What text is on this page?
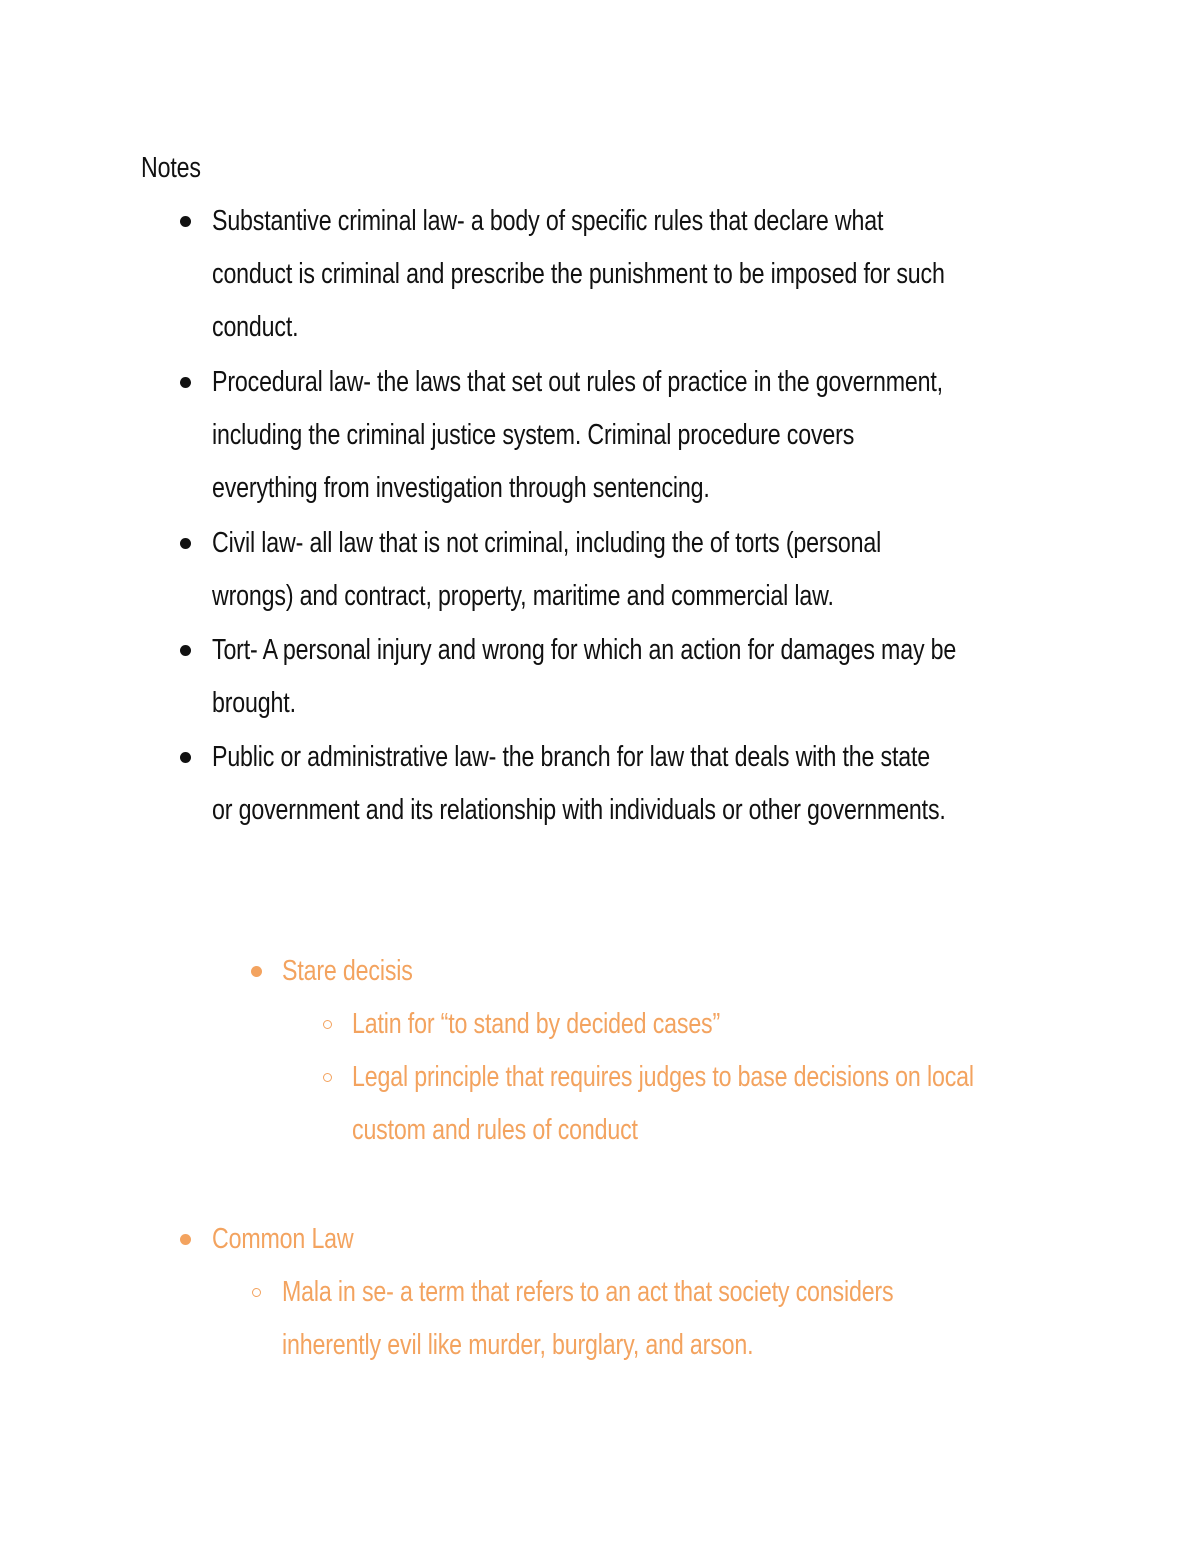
Notes
Substantive criminal law- a body of specific rules that declare what
conduct is criminal and prescribe the punishment to be imposed for such
conduct.
Procedural law- the laws that set out rules of practice in the government,
including the criminal justice system. Criminal procedure covers
everything from investigation through sentencing.
Civil law- all law that is not criminal, including the of torts (personal
wrongs) and contract, property, maritime and commercial law.
Tort- A personal injury and wrong for which an action for damages may be
brought.
Public or administrative law- the branch for law that deals with the state
or government and its relationship with individuals or other governments.
Stare decisis
Latin for “to stand by decided cases”
Legal principle that requires judges to base decisions on local
custom and rules of conduct
Common Law
Mala in se- a term that refers to an act that society considers
inherently evil like murder, burglary, and arson.
